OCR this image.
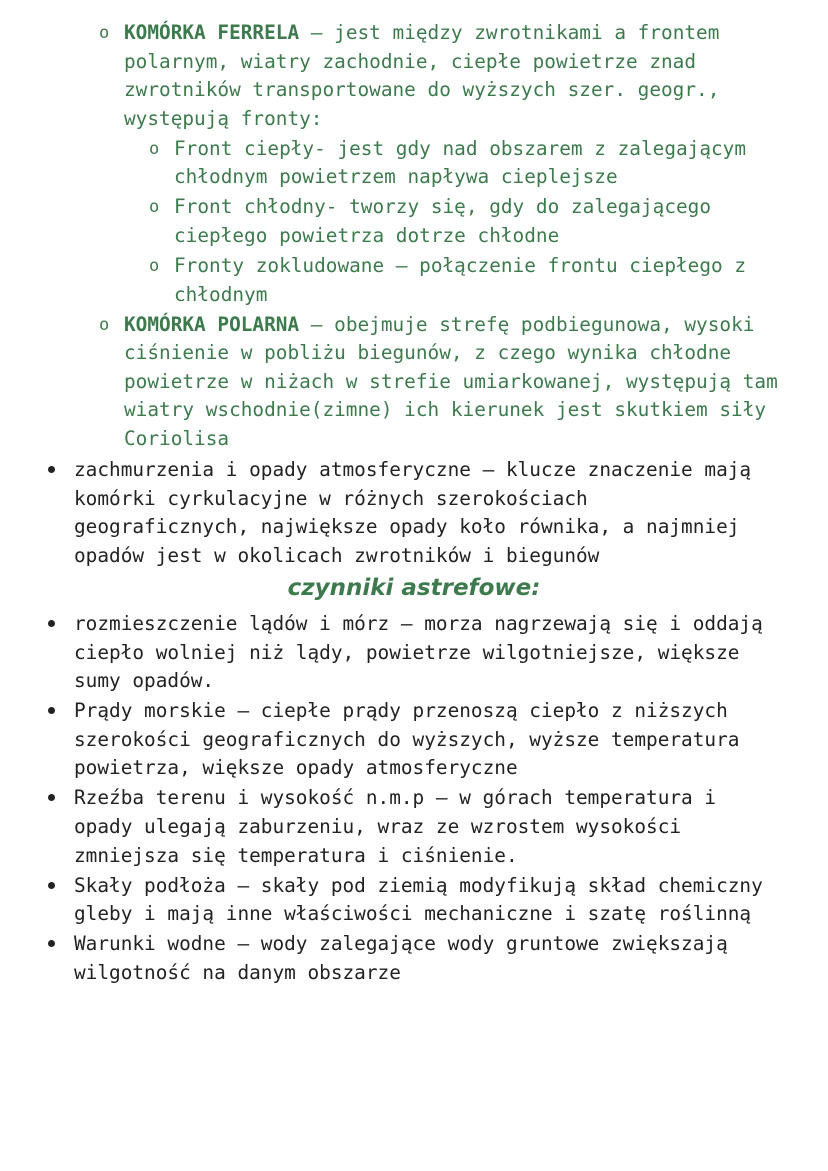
o KOMÓRKA FERRELA – jest między zwrotnikami a frontem polarnym, wiatry zachodnie, ciepłe powietrze znad zwrotników transportowane do wyższych szer. geogr., występują fronty:
o Front ciepły- jest gdy nad obszarem z zalegającym chłodnym powietrzem napływa cieplejsze
o Front chłodny- tworzy się, gdy do zalegającego ciepłego powietrza dotrze chłodne
o Fronty zokludowane – połączenie frontu ciepłego z chłodnym
o KOMÓRKA POLARNA – obejmuje strefę podbiegunowa, wysoki ciśnienie w pobliżu biegunów, z czego wynika chłodne powietrze w niżach w strefie umiarkowanej, występują tam wiatry wschodnie(zimne) ich kierunek jest skutkiem siły Coriolisa
zachmurzenia i opady atmosferyczne – klucze znaczenie mają komórki cyrkulacyjne w różnych szerokościach geograficznych, największe opady koło równika, a najmniej opadów jest w okolicach zwrotników i biegunów
czynniki astrefowe:
rozmieszczenie lądów i mórz – morza nagrzewają się i oddają ciepło wolniej niż lądy, powietrze wilgotniejsze, większe sumy opadów.
Prądy morskie – ciepłe prądy przenoszą ciepło z niższych szerokości geograficznych do wyższych, wyższe temperatura powietrza, większe opady atmosferyczne
Rzeźba terenu i wysokość n.m.p – w górach temperatura i opady ulegają zaburzeniu, wraz ze wzrostem wysokości zmniejsza się temperatura i ciśnienie.
Skały podłoża – skały pod ziemią modyfikują skład chemiczny gleby i mają inne właściwości mechaniczne i szatę roślinną
Warunki wodne – wody zalegające wody gruntowe zwiększają wilgotność na danym obszarze
